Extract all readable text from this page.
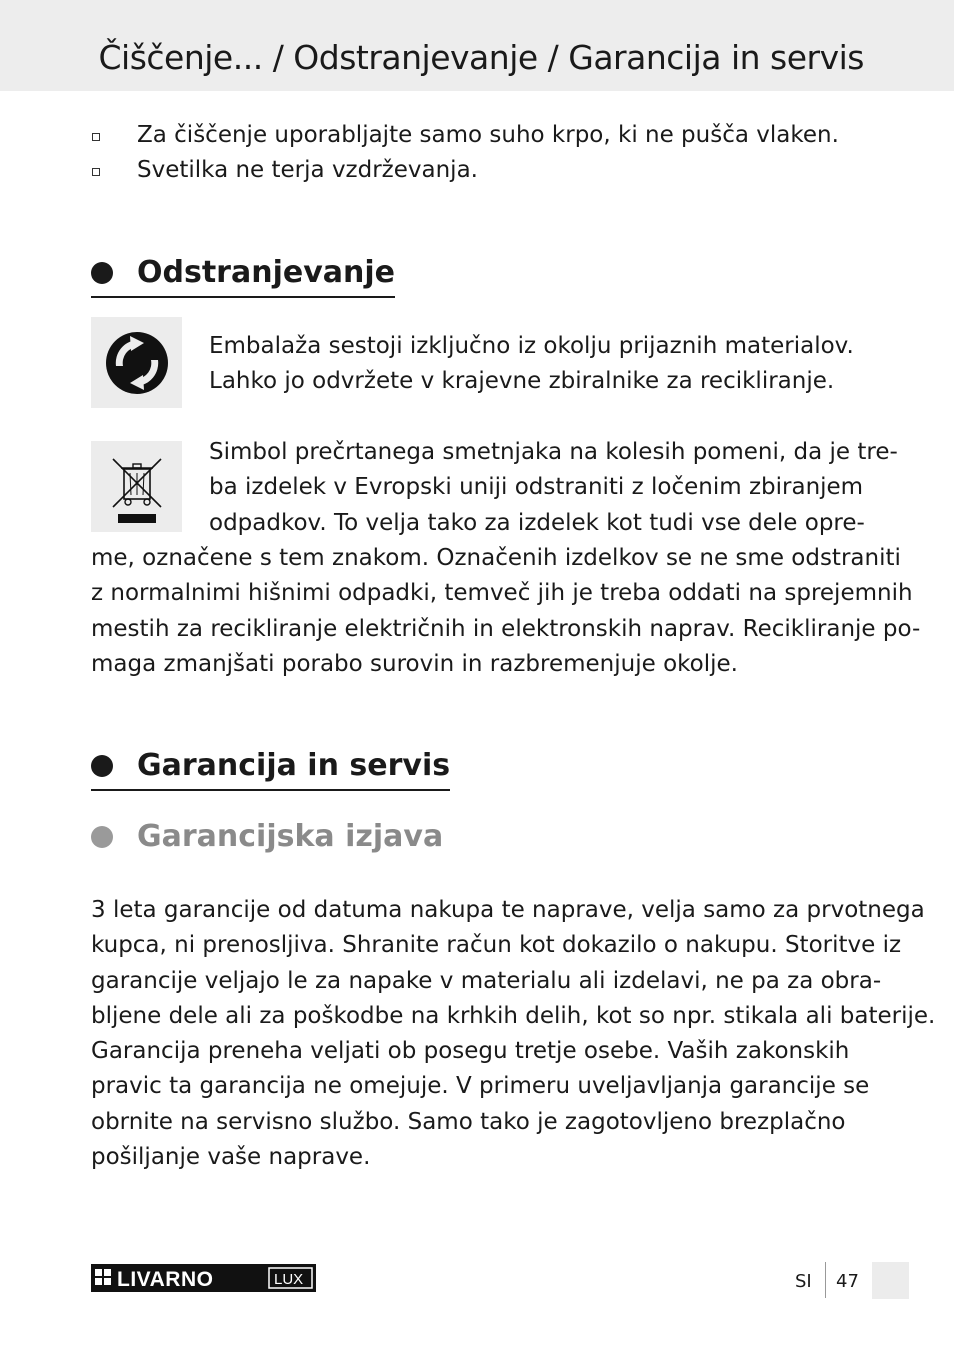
Čiščenje... / Odstranjevanje / Garancija in servis
Za čiščenje uporabljajte samo suho krpo, ki ne pušča vlaken.
Svetilka ne terja vzdrževanja.
Odstranjevanje
Embalaža sestoji izključno iz okolju prijaznih materialov.
Lahko jo odvržete v krajevne zbiralnike za recikliranje.
Simbol prečrtanega smetnjaka na kolesih pomeni, da je tre-
ba izdelek v Evropski uniji odstraniti z ločenim zbiranjem
odpadkov. To velja tako za izdelek kot tudi vse dele opre-
me, označene s tem znakom. Označenih izdelkov se ne sme odstraniti
z normalnimi hišnimi odpadki, temveč jih je treba oddati na sprejemnih
mestih za recikliranje električnih in elektronskih naprav. Recikliranje po-
maga zmanjšati porabo surovin in razbremenjuje okolje.
Garancija in servis
Garancijska izjava
3 leta garancije od datuma nakupa te naprave, velja samo za prvotnega
kupca, ni prenosljiva. Shranite račun kot dokazilo o nakupu. Storitve iz
garancije veljajo le za napake v materialu ali izdelavi, ne pa za obra-
bljene dele ali za poškodbe na krhkih delih, kot so npr. stikala ali baterije.
Garancija preneha veljati ob posegu tretje osebe. Vaših zakonskih
pravic ta garancija ne omejuje. V primeru uveljavljanja garancije se
obrnite na servisno službo. Samo tako je zagotovljeno brezplačno
pošiljanje vaše naprave.
LIVARNO	LUX	SI 47
